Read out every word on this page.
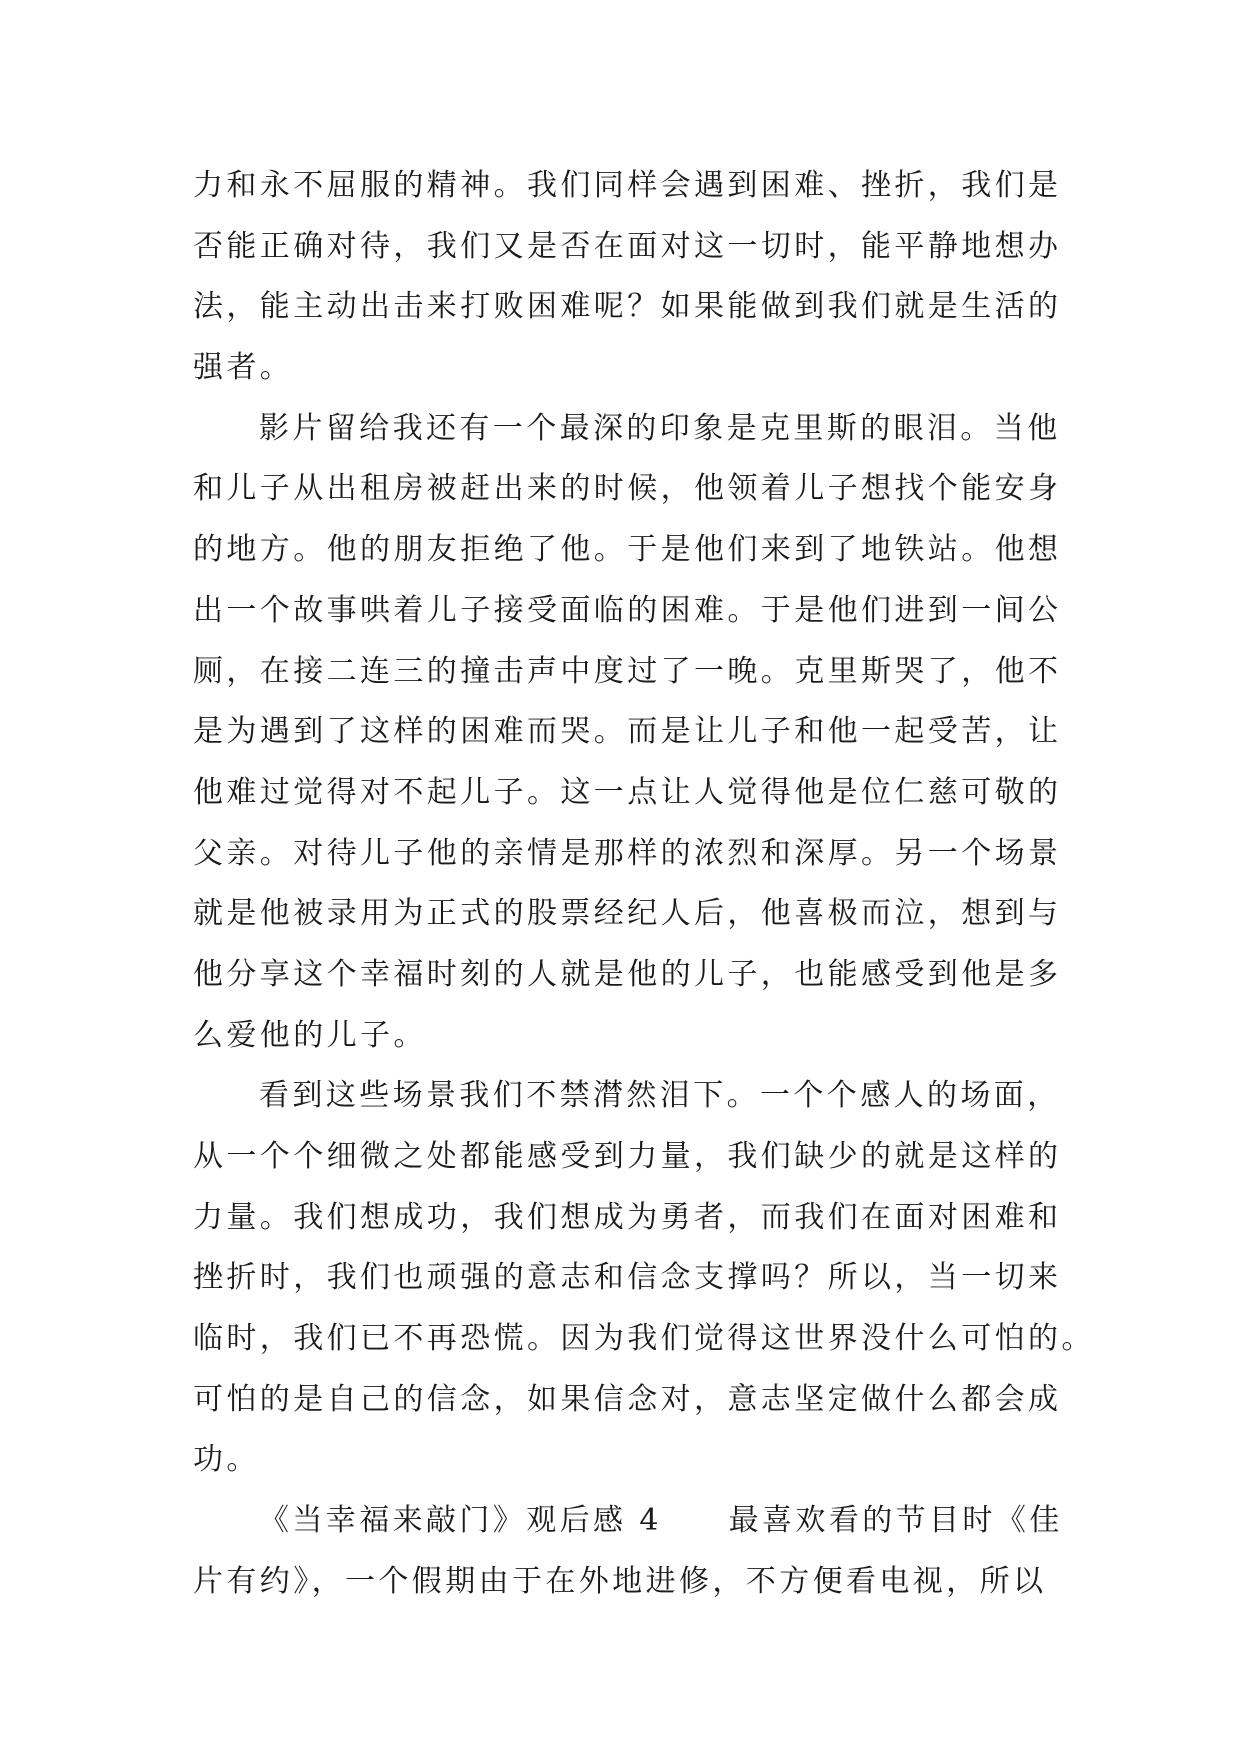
力和永不屈服的精神。我们同样会遇到困难、挫折，我们是
否能正确对待，我们又是否在面对这一切时，能平静地想办
法，能主动出击来打败困难呢？如果能做到我们就是生活的
强者。
影片留给我还有一个最深的印象是克里斯的眼泪。当他
和儿子从出租房被赶出来的时候，他领着儿子想找个能安身
的地方。他的朋友拒绝了他。于是他们来到了地铁站。他想
出一个故事哄着儿子接受面临的困难。于是他们进到一间公
厕，在接二连三的撞击声中度过了一晚。克里斯哭了，他不
是为遇到了这样的困难而哭。而是让儿子和他一起受苦，让
他难过觉得对不起儿子。这一点让人觉得他是位仁慈可敬的
父亲。对待儿子他的亲情是那样的浓烈和深厚。另一个场景
就是他被录用为正式的股票经纪人后，他喜极而泣，想到与
他分享这个幸福时刻的人就是他的儿子，也能感受到他是多
么爱他的儿子。
看到这些场景我们不禁潸然泪下。一个个感人的场面，
从一个个细微之处都能感受到力量，我们缺少的就是这样的
力量。我们想成功，我们想成为勇者，而我们在面对困难和
挫折时，我们也顽强的意志和信念支撑吗？所以，当一切来
临时，我们已不再恐慌。因为我们觉得这世界没什么可怕的。
可怕的是自己的信念，如果信念对，意志坚定做什么都会成
功。
《当幸福来敲门》观后感 4　　最喜欢看的节目时《佳
片有约》，一个假期由于在外地进修，不方便看电视，所以
